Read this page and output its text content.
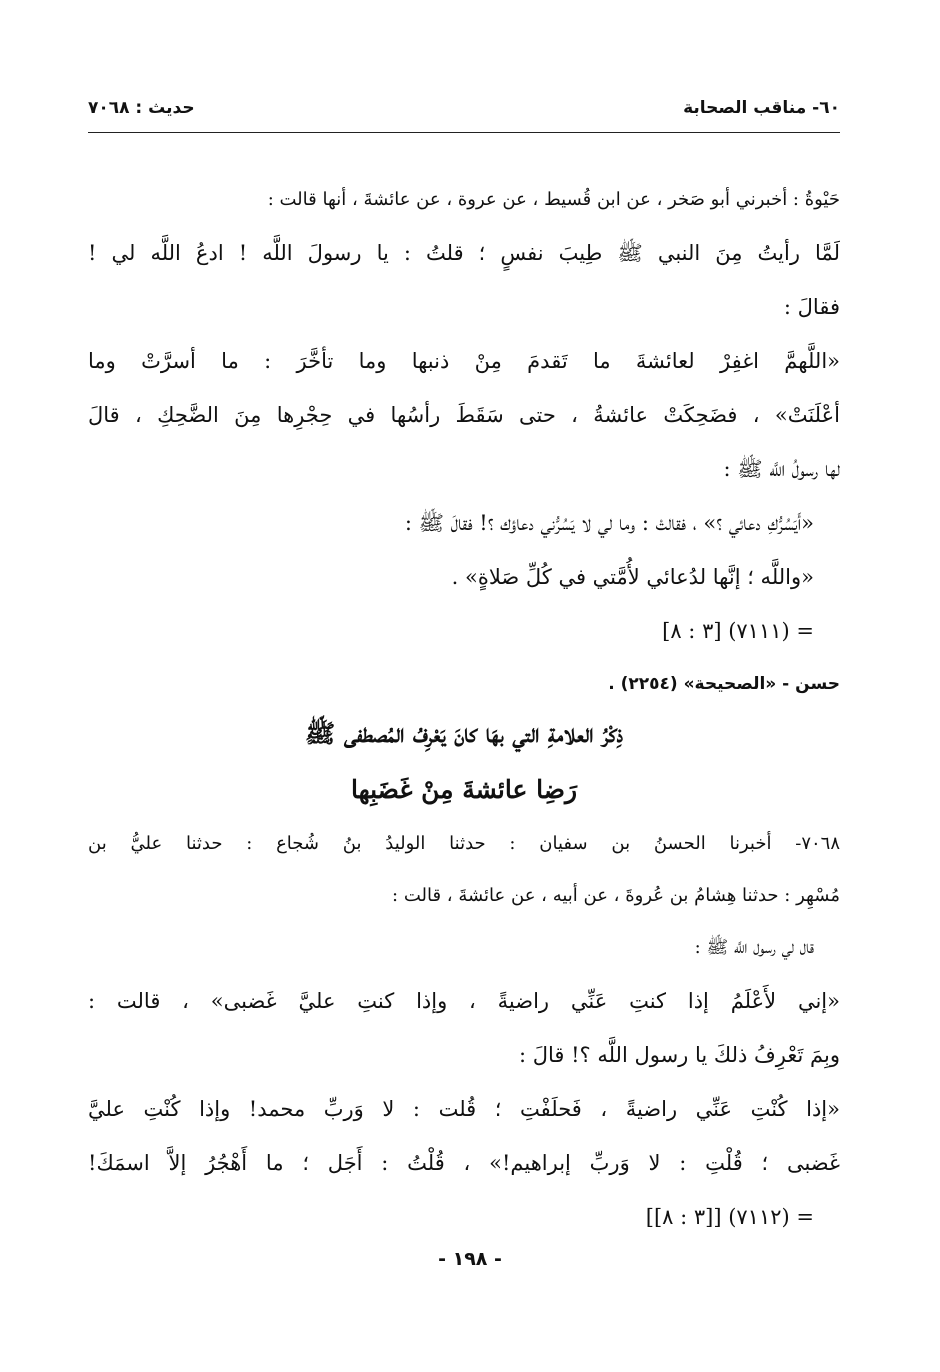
٦٠- مناقب الصحابة
حديث : ٧٠٦٨
حَيْوةُ : أخبرني أبو صَخر ، عن ابن قُسيط ، عن عروة ، عن عائشةَ ، أنها قالت :
لَمَّا رأيتُ مِنَ النبي ﷺ طِيبَ نفسٍ ؛ قلتُ : يا رسولَ اللَّه ! ادعُ اللَّه لي !
فقالَ :
«اللَّهمَّ اغفِرْ لعائشةَ ما تَقدمَ مِنْ ذنبها وما تأخَّرَ : ما أسرَّتْ وما
أعْلَنَتْ» ، فضَحِكَتْ عائشةُ ، حتى سَقَطَ رأسُها في حِجْرِها مِنَ الضَّحِكِ ، قالَ
لها رسولُ اللَّه ﷺ :
«أَيَسُرُّكِ دعائي ؟» ، فقالتْ : وما لي لا يَسُرُّني دعاؤك ؟! فقالَ ﷺ :
«واللَّه ؛ إنَّها لدُعائي لأُمَّتي في كُلِّ صَلاةٍ» .
= (٧١١١) [٣ : ٨]
حسن - «الصحيحة» (٢٢٥٤) .
ذِكْرُ العلامةِ التي بهَا كانَ يَعْرِفُ المُصطفى ﷺ
رَضِا عائشةَ مِنْ غَضَبِها
٧٠٦٨- أخبرنا الحسنُ بن سفيان : حدثنا الوليدُ بنُ شُجاع : حدثنا عليُّ بن
مُسْهِر : حدثنا هِشامُ بن عُروةَ ، عن أبيه ، عن عائشةَ ، قالت :
قال لي رسول اللَّه ﷺ :
«إني لأَعْلَمُ إذا كنتِ عَنِّي راضيةً ، وإذا كنتِ عليَّ غَضبى» ، قالت :
وبِمَ تَعْرِفُ ذلكَ يا رسول اللَّه ؟! قالَ :
«إذا كُنْتِ عَنِّي راضيةً ، فَحلَفْتِ ؛ قُلت : لا وَربِّ محمد! وإذا كُنْتِ عليَّ
غَضبى ؛ قُلْتِ : لا وَربِّ إبراهيم!» ، قُلْتُ : أَجَل ؛ ما أَهْجُرُ إلاَّ اسمَكَ!
= (٧١١٢) [[٣ : ٨]]
- ١٩٨ -
